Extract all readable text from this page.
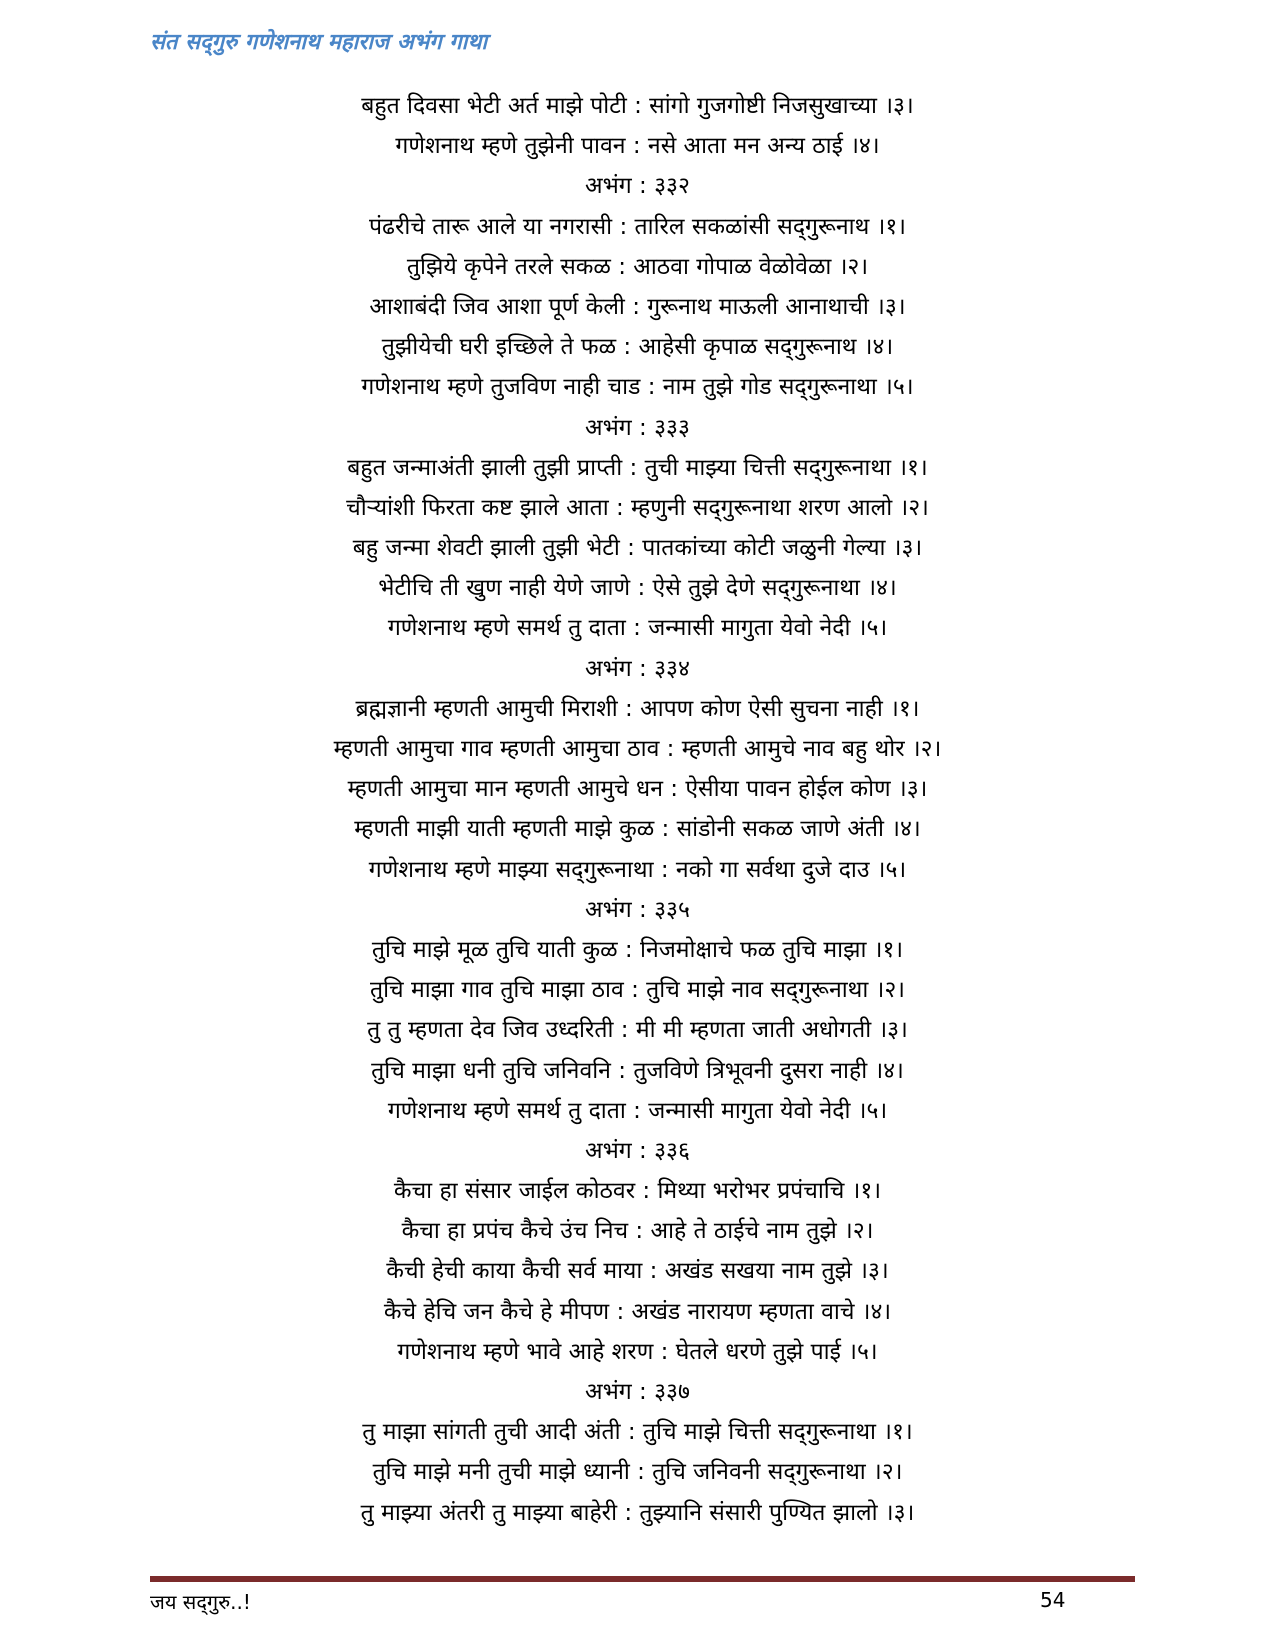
संत सद्‌गुरु गणेशनाथ महाराज अभंग गाथा
बहुत दिवसा भेटी अर्त माझे पोटी : सांगो गुजगोष्टी निजसुखाच्या ।३।
गणेशनाथ म्हणे तुझेनी पावन : नसे आता मन अन्य ठाई ।४।
अभंग : ३३२
पंढरीचे तारू आले या नगरासी : तारिल सकळांसी सद्‌गुरूनाथ ।१।
तुझिये कृपेने तरले सकळ : आठवा गोपाळ वेळोवेळा ।२।
आशाबंदी जिव आशा पूर्ण केली : गुरूनाथ माऊली आनाथाची ।३।
तुझीयेची घरी इच्छिले ते फळ : आहेसी कृपाळ सद्‌गुरूनाथ ।४।
गणेशनाथ म्हणे तुजविण नाही चाड : नाम तुझे गोड सद्‌गुरूनाथा ।५।
अभंग : ३३३
बहुत जन्माअंती झाली तुझी प्राप्ती : तुची माझ्या चित्ती सद्‌गुरूनाथा ।१।
चौऱ्यांशी फिरता कष्ट झाले आता : म्हणुनी सद्‌गुरूनाथा शरण आलो ।२।
बहु जन्मा शेवटी झाली तुझी भेटी : पातकांच्या कोटी जळुनी गेल्या ।३।
भेटीचि ती खुण नाही येणे जाणे : ऐसे तुझे देणे सद्‌गुरूनाथा ।४।
गणेशनाथ म्हणे समर्थ तु दाता : जन्मासी मागुता येवो नेदी ।५।
अभंग : ३३४
ब्रह्मज्ञानी म्हणती आमुची मिराशी : आपण कोण ऐसी सुचना नाही ।१।
म्हणती आमुचा गाव म्हणती आमुचा ठाव : म्हणती आमुचे नाव बहु थोर ।२।
म्हणती आमुचा मान म्हणती आमुचे धन : ऐसीया पावन होईल कोण ।३।
म्हणती माझी याती म्हणती माझे कुळ : सांडोनी सकळ जाणे अंती ।४।
गणेशनाथ म्हणे माझ्या सद्‌गुरूनाथा : नको गा सर्वथा दुजे दाउ ।५।
अभंग : ३३५
तुचि माझे मूळ तुचि याती कुळ : निजमोक्षाचे फळ तुचि माझा ।१।
तुचि माझा गाव तुचि माझा ठाव : तुचि माझे नाव सद्‌गुरूनाथा ।२।
तु तु म्हणता देव जिव उध्दरिती : मी मी म्हणता जाती अधोगती ।३।
तुचि माझा धनी तुचि जनिवनि : तुजविणे त्रिभूवनी दुसरा नाही ।४।
गणेशनाथ म्हणे समर्थ तु दाता : जन्मासी मागुता येवो नेदी ।५।
अभंग : ३३६
कैचा हा संसार जाईल कोठवर : मिथ्या भरोभर प्रपंचाचि ।१।
कैचा हा प्रपंच कैचे उंच निच : आहे ते ठाईचे नाम तुझे ।२।
कैची हेची काया कैची सर्व माया : अखंड सखया नाम तुझे ।३।
कैचे हेचि जन कैचे हे मीपण : अखंड नारायण म्हणता वाचे ।४।
गणेशनाथ म्हणे भावे आहे शरण : घेतले धरणे तुझे पाई ।५।
अभंग : ३३७
तु माझा सांगती तुची आदी अंती : तुचि माझे चित्ती सद्‌गुरूनाथा ।१।
तुचि माझे मनी तुची माझे ध्यानी : तुचि जनिवनी सद्‌गुरूनाथा ।२।
तु माझ्या अंतरी तु माझ्या बाहेरी : तुझ्यानि संसारी पुण्यित झालो ।३।
जय सद्‌गुरु..!	54
